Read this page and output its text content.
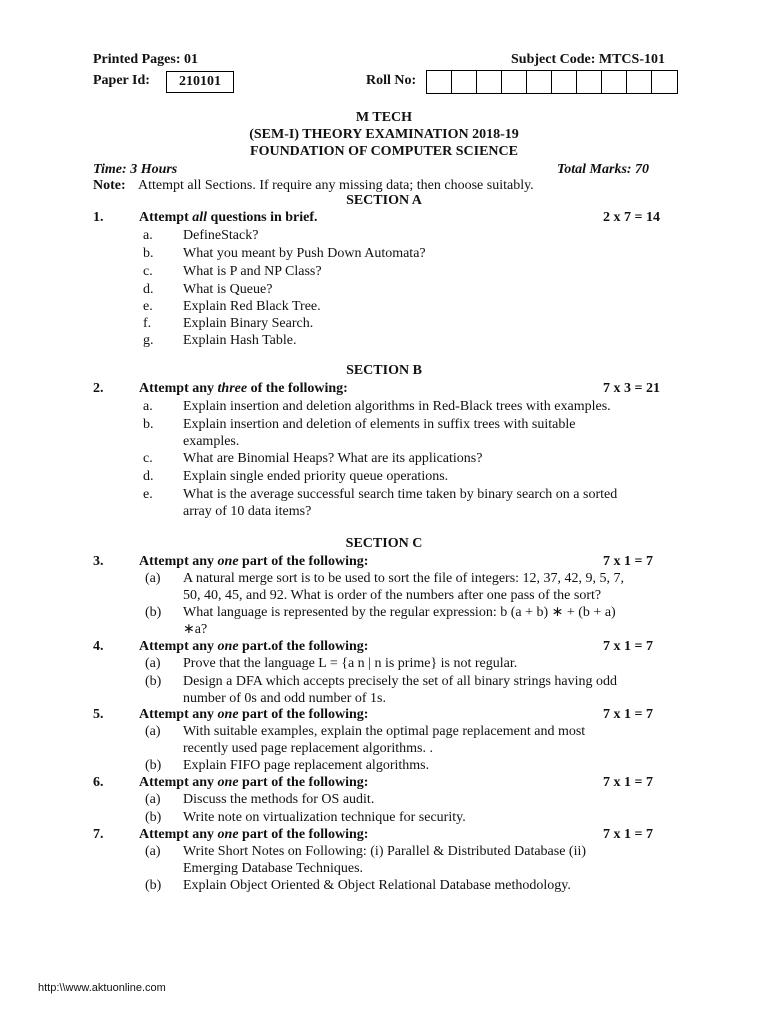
Printed Pages: 01	Subject Code: MTCS-101
Paper Id:	210101	Roll No:
M TECH
(SEM-I) THEORY EXAMINATION 2018-19
FOUNDATION OF COMPUTER SCIENCE
Time: 3 Hours	Total Marks: 70
Note: Attempt all Sections. If require any missing data; then choose suitably.
SECTION A
1.	Attempt all questions in brief.	2 x 7 = 14
a. DefineStack?
b. What you meant by Push Down Automata?
c. What is P and NP Class?
d. What is Queue?
e. Explain Red Black Tree.
f. Explain Binary Search.
g. Explain Hash Table.
SECTION B
2.	Attempt any three of the following:	7 x 3 = 21
a. Explain insertion and deletion algorithms in Red-Black trees with examples.
b. Explain insertion and deletion of elements in suffix trees with suitable
examples.
c. What are Binomial Heaps? What are its applications?
d. Explain single ended priority queue operations.
e. What is the average successful search time taken by binary search on a sorted
array of 10 data items?
SECTION C
3.	Attempt any one part of the following:	7 x 1 = 7
(a) A natural merge sort is to be used to sort the file of integers: 12, 37, 42, 9, 5, 7,
50, 40, 45, and 92. What is order of the numbers after one pass of the sort?
(b) What language is represented by the regular expression: b (a + b) ∗ + (b + a)
∗a?
4.	Attempt any one part.of the following:	7 x 1 = 7
(a) Prove that the language L = {a n | n is prime} is not regular.
(b) Design a DFA which accepts precisely the set of all binary strings having odd
number of 0s and odd number of 1s.
5.	Attempt any one part of the following:	7 x 1 = 7
(a) With suitable examples, explain the optimal page replacement and most
recently used page replacement algorithms. .
(b) Explain FIFO page replacement algorithms.
6.	Attempt any one part of the following:	7 x 1 = 7
(a) Discuss the methods for OS audit.
(b) Write note on virtualization technique for security.
7.	Attempt any one part of the following:	7 x 1 = 7
(a) Write Short Notes on Following: (i) Parallel & Distributed Database (ii)
Emerging Database Techniques.
(b) Explain Object Oriented & Object Relational Database methodology.
http:\\www.aktuonline.com
